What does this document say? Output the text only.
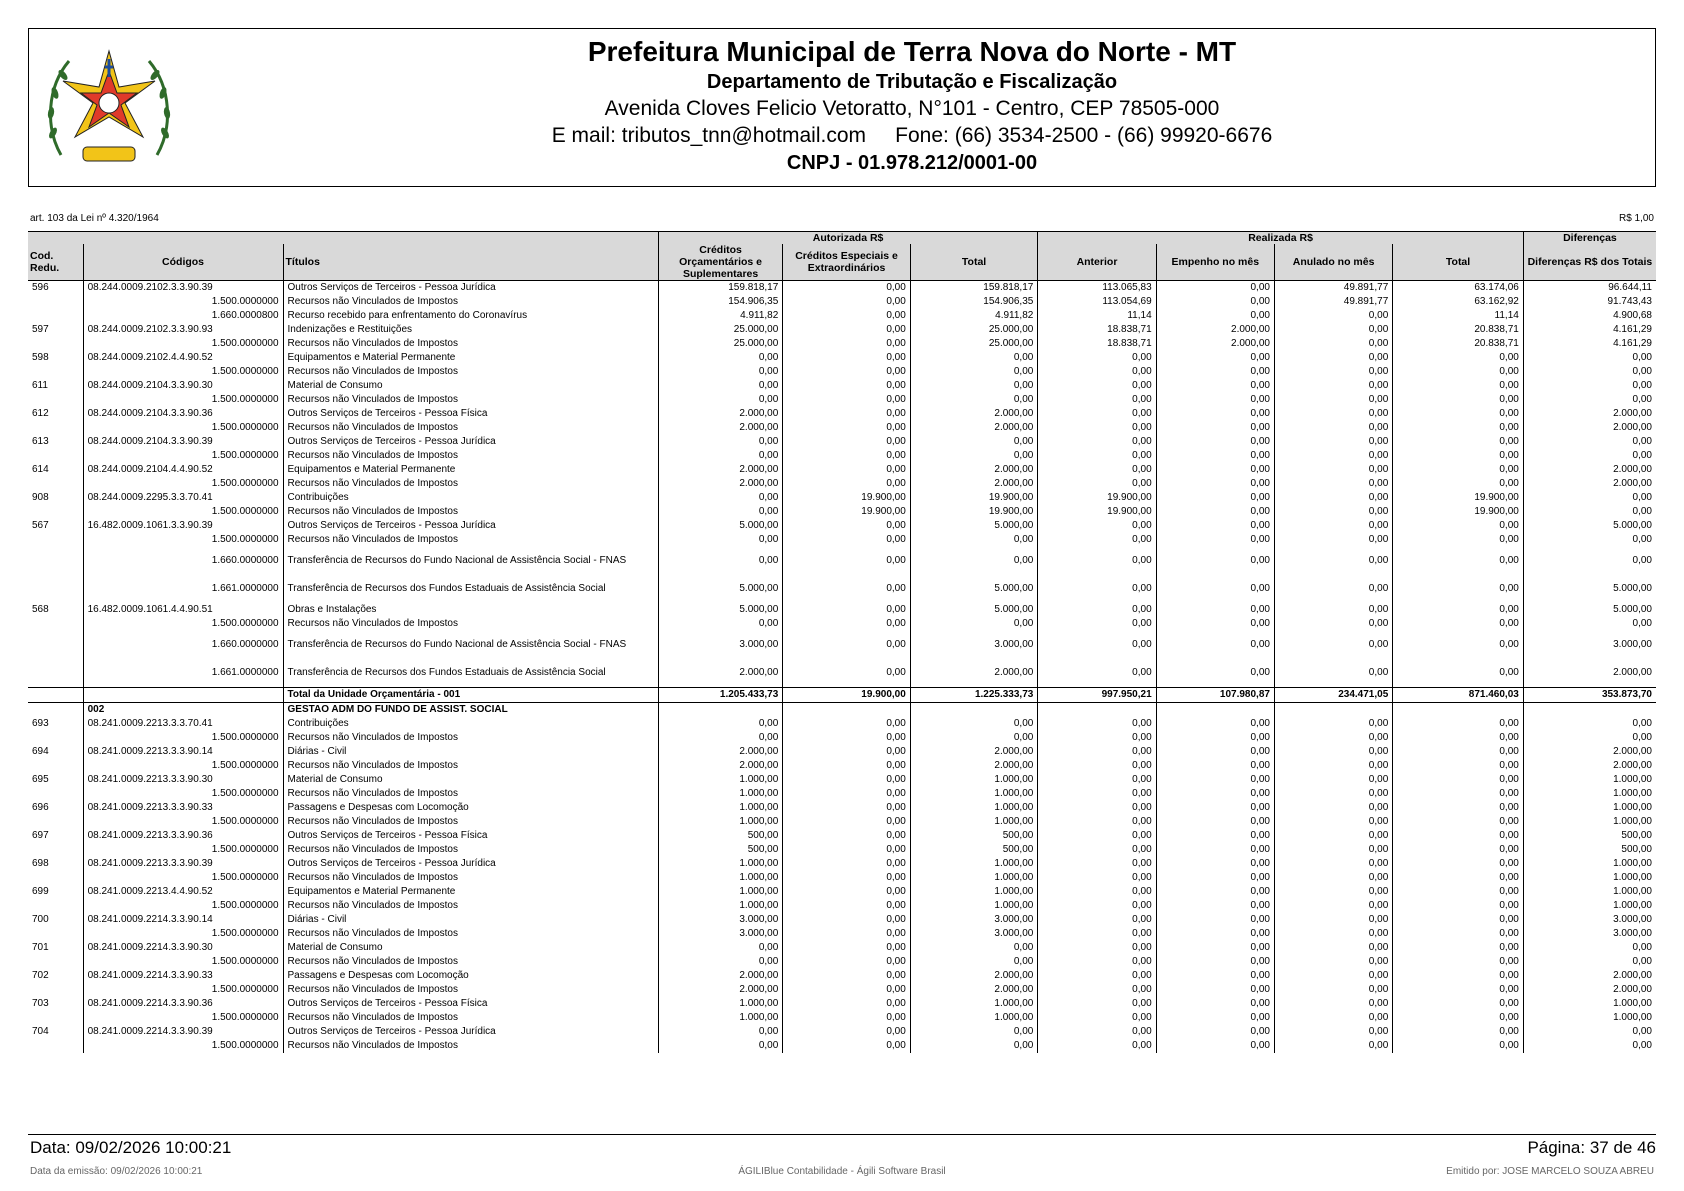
Prefeitura Municipal de Terra Nova do Norte - MT
Departamento de Tributação e Fiscalização
Avenida Cloves Felicio Vetoratto, N°101 - Centro, CEP 78505-000
E mail: tributos_tnn@hotmail.com     Fone: (66) 3534-2500 - (66) 99920-6676
CNPJ - 01.978.212/0001-00
art. 103 da Lei nº 4.320/1964	R$ 1,00
			Autorizada R$			Realizada R$				Diferenças
Cod. Redu.	Códigos	Títulos	Créditos Orçamentários e Suplementares	Créditos Especiais e Extraordinários	Total	Anterior	Empenho no mês	Anulado no mês	Total	Diferenças R$ dos Totais
596	08.244.0009.2102.3.3.90.39	Outros Serviços de Terceiros - Pessoa Jurídica	159.818,17	0,00	159.818,17	113.065,83	0,00	49.891,77	63.174,06	96.644,11
	1.500.0000000	Recursos não Vinculados de Impostos	154.906,35	0,00	154.906,35	113.054,69	0,00	49.891,77	63.162,92	91.743,43
	1.660.0000800	Recurso recebido para enfrentamento do Coronavírus	4.911,82	0,00	4.911,82	11,14	0,00	0,00	11,14	4.900,68
597	08.244.0009.2102.3.3.90.93	Indenizações e Restituições	25.000,00	0,00	25.000,00	18.838,71	2.000,00	0,00	20.838,71	4.161,29
	1.500.0000000	Recursos não Vinculados de Impostos	25.000,00	0,00	25.000,00	18.838,71	2.000,00	0,00	20.838,71	4.161,29
598	08.244.0009.2102.4.4.90.52	Equipamentos e Material Permanente	0,00	0,00	0,00	0,00	0,00	0,00	0,00	0,00
	1.500.0000000	Recursos não Vinculados de Impostos	0,00	0,00	0,00	0,00	0,00	0,00	0,00	0,00
611	08.244.0009.2104.3.3.90.30	Material de Consumo	0,00	0,00	0,00	0,00	0,00	0,00	0,00	0,00
	1.500.0000000	Recursos não Vinculados de Impostos	0,00	0,00	0,00	0,00	0,00	0,00	0,00	0,00
612	08.244.0009.2104.3.3.90.36	Outros Serviços de Terceiros - Pessoa Física	2.000,00	0,00	2.000,00	0,00	0,00	0,00	0,00	2.000,00
	1.500.0000000	Recursos não Vinculados de Impostos	2.000,00	0,00	2.000,00	0,00	0,00	0,00	0,00	2.000,00
613	08.244.0009.2104.3.3.90.39	Outros Serviços de Terceiros - Pessoa Jurídica	0,00	0,00	0,00	0,00	0,00	0,00	0,00	0,00
	1.500.0000000	Recursos não Vinculados de Impostos	0,00	0,00	0,00	0,00	0,00	0,00	0,00	0,00
614	08.244.0009.2104.4.4.90.52	Equipamentos e Material Permanente	2.000,00	0,00	2.000,00	0,00	0,00	0,00	0,00	2.000,00
	1.500.0000000	Recursos não Vinculados de Impostos	2.000,00	0,00	2.000,00	0,00	0,00	0,00	0,00	2.000,00
908	08.244.0009.2295.3.3.70.41	Contribuições	0,00	19.900,00	19.900,00	19.900,00	0,00	0,00	19.900,00	0,00
	1.500.0000000	Recursos não Vinculados de Impostos	0,00	19.900,00	19.900,00	19.900,00	0,00	0,00	19.900,00	0,00
567	16.482.0009.1061.3.3.90.39	Outros Serviços de Terceiros - Pessoa Jurídica	5.000,00	0,00	5.000,00	0,00	0,00	0,00	0,00	5.000,00
	1.500.0000000	Recursos não Vinculados de Impostos	0,00	0,00	0,00	0,00	0,00	0,00	0,00	0,00
	1.660.0000000	Transferência de Recursos do Fundo Nacional de Assistência Social - FNAS	0,00	0,00	0,00	0,00	0,00	0,00	0,00	0,00
	1.661.0000000	Transferência de Recursos dos Fundos Estaduais de Assistência Social	5.000,00	0,00	5.000,00	0,00	0,00	0,00	0,00	5.000,00
568	16.482.0009.1061.4.4.90.51	Obras e Instalações	5.000,00	0,00	5.000,00	0,00	0,00	0,00	0,00	5.000,00
	1.500.0000000	Recursos não Vinculados de Impostos	0,00	0,00	0,00	0,00	0,00	0,00	0,00	0,00
	1.660.0000000	Transferência de Recursos do Fundo Nacional de Assistência Social - FNAS	3.000,00	0,00	3.000,00	0,00	0,00	0,00	0,00	3.000,00
	1.661.0000000	Transferência de Recursos dos Fundos Estaduais de Assistência Social	2.000,00	0,00	2.000,00	0,00	0,00	0,00	0,00	2.000,00
		Total da Unidade Orçamentária - 001	1.205.433,73	19.900,00	1.225.333,73	997.950,21	107.980,87	234.471,05	871.460,03	353.873,70
	002	GESTAO ADM DO FUNDO DE ASSIST. SOCIAL								
693	08.241.0009.2213.3.3.70.41	Contribuições	0,00	0,00	0,00	0,00	0,00	0,00	0,00	0,00
	1.500.0000000	Recursos não Vinculados de Impostos	0,00	0,00	0,00	0,00	0,00	0,00	0,00	0,00
694	08.241.0009.2213.3.3.90.14	Diárias - Civil	2.000,00	0,00	2.000,00	0,00	0,00	0,00	0,00	2.000,00
	1.500.0000000	Recursos não Vinculados de Impostos	2.000,00	0,00	2.000,00	0,00	0,00	0,00	0,00	2.000,00
695	08.241.0009.2213.3.3.90.30	Material de Consumo	1.000,00	0,00	1.000,00	0,00	0,00	0,00	0,00	1.000,00
	1.500.0000000	Recursos não Vinculados de Impostos	1.000,00	0,00	1.000,00	0,00	0,00	0,00	0,00	1.000,00
696	08.241.0009.2213.3.3.90.33	Passagens e Despesas com Locomoção	1.000,00	0,00	1.000,00	0,00	0,00	0,00	0,00	1.000,00
	1.500.0000000	Recursos não Vinculados de Impostos	1.000,00	0,00	1.000,00	0,00	0,00	0,00	0,00	1.000,00
697	08.241.0009.2213.3.3.90.36	Outros Serviços de Terceiros - Pessoa Física	500,00	0,00	500,00	0,00	0,00	0,00	0,00	500,00
	1.500.0000000	Recursos não Vinculados de Impostos	500,00	0,00	500,00	0,00	0,00	0,00	0,00	500,00
698	08.241.0009.2213.3.3.90.39	Outros Serviços de Terceiros - Pessoa Jurídica	1.000,00	0,00	1.000,00	0,00	0,00	0,00	0,00	1.000,00
	1.500.0000000	Recursos não Vinculados de Impostos	1.000,00	0,00	1.000,00	0,00	0,00	0,00	0,00	1.000,00
699	08.241.0009.2213.4.4.90.52	Equipamentos e Material Permanente	1.000,00	0,00	1.000,00	0,00	0,00	0,00	0,00	1.000,00
	1.500.0000000	Recursos não Vinculados de Impostos	1.000,00	0,00	1.000,00	0,00	0,00	0,00	0,00	1.000,00
700	08.241.0009.2214.3.3.90.14	Diárias - Civil	3.000,00	0,00	3.000,00	0,00	0,00	0,00	0,00	3.000,00
	1.500.0000000	Recursos não Vinculados de Impostos	3.000,00	0,00	3.000,00	0,00	0,00	0,00	0,00	3.000,00
701	08.241.0009.2214.3.3.90.30	Material de Consumo	0,00	0,00	0,00	0,00	0,00	0,00	0,00	0,00
	1.500.0000000	Recursos não Vinculados de Impostos	0,00	0,00	0,00	0,00	0,00	0,00	0,00	0,00
702	08.241.0009.2214.3.3.90.33	Passagens e Despesas com Locomoção	2.000,00	0,00	2.000,00	0,00	0,00	0,00	0,00	2.000,00
	1.500.0000000	Recursos não Vinculados de Impostos	2.000,00	0,00	2.000,00	0,00	0,00	0,00	0,00	2.000,00
703	08.241.0009.2214.3.3.90.36	Outros Serviços de Terceiros - Pessoa Física	1.000,00	0,00	1.000,00	0,00	0,00	0,00	0,00	1.000,00
	1.500.0000000	Recursos não Vinculados de Impostos	1.000,00	0,00	1.000,00	0,00	0,00	0,00	0,00	1.000,00
704	08.241.0009.2214.3.3.90.39	Outros Serviços de Terceiros - Pessoa Jurídica	0,00	0,00	0,00	0,00	0,00	0,00	0,00	0,00
	1.500.0000000	Recursos não Vinculados de Impostos	0,00	0,00	0,00	0,00	0,00	0,00	0,00	0,00
Data: 09/02/2026 10:00:21	Página: 37 de 46
Data da emissão: 09/02/2026 10:00:21	ÁGILIBlue Contabilidade - Ágili Software Brasil	Emitido por: JOSE MARCELO SOUZA ABREU
